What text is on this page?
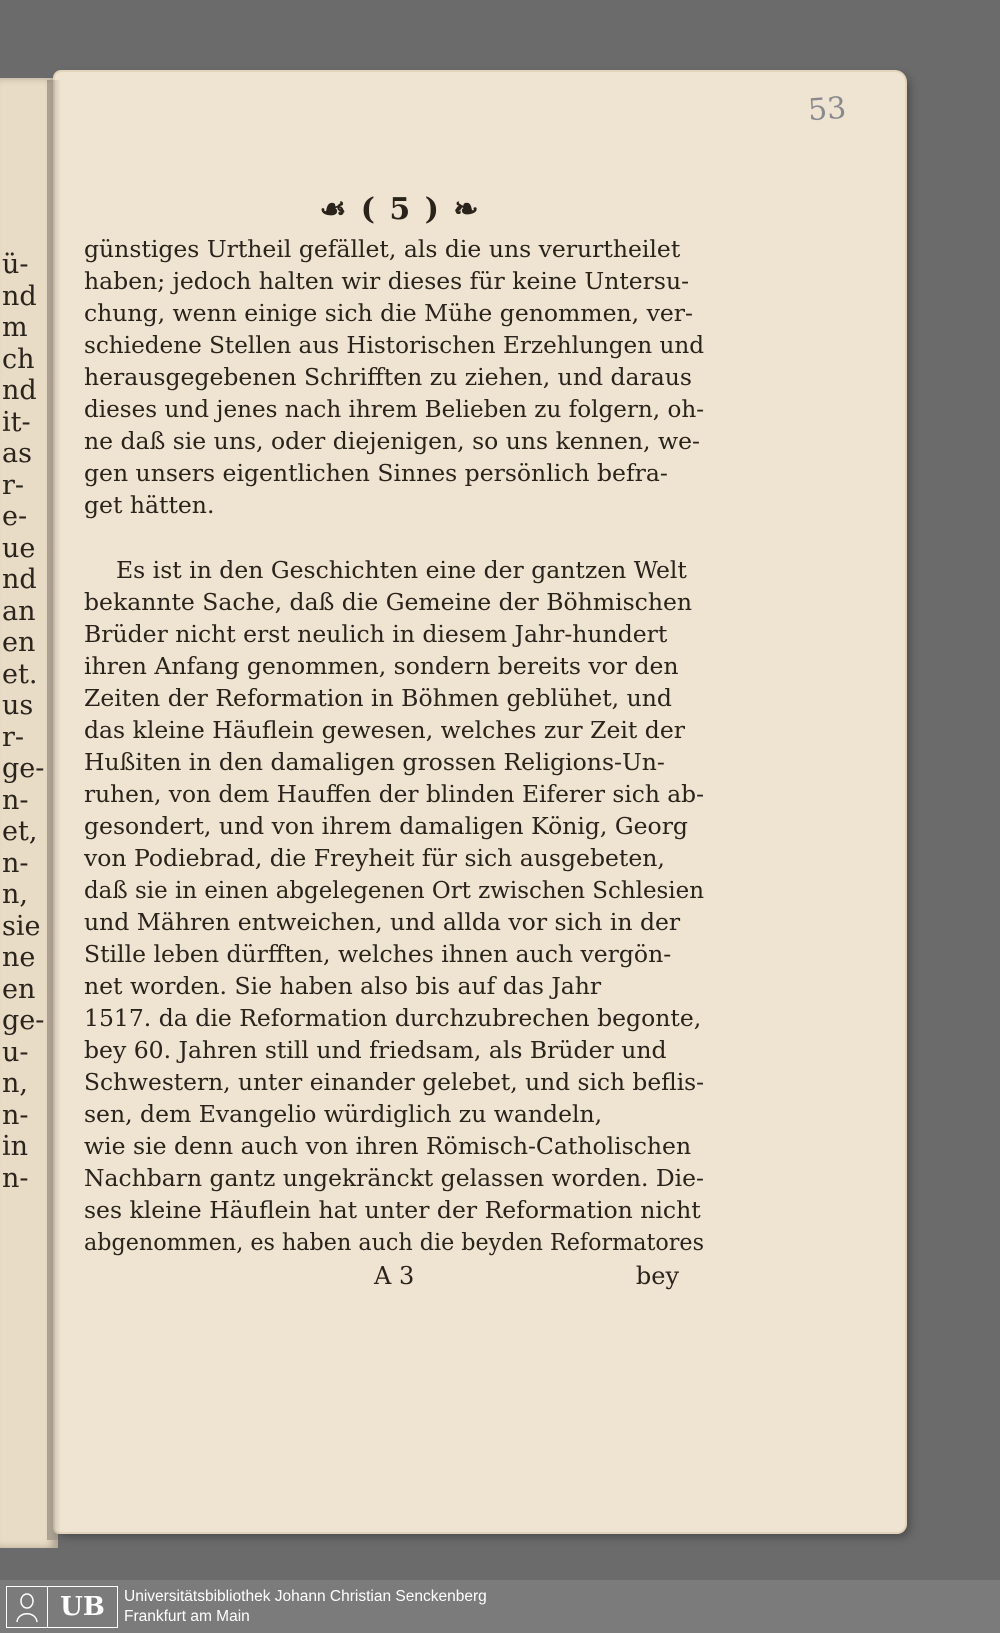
ü-
nd
m
ch
nd
it-
as
r-
e-
ue
nd
an
en
et.
us
r-
ge-
n-
et,
n-
n,
sie
ne
en
ge-
u-
n,
n-
in
n-

53
☙ ( 5 ) ❧
günstiges Urtheil gefället, als die uns verurtheilet
haben; jedoch halten wir dieses für keine Untersu-
chung, wenn einige sich die Mühe genommen, ver-
schiedene Stellen aus Historischen Erzehlungen und
herausgegebenen Schrifften zu ziehen, und daraus
dieses und jenes nach ihrem Belieben zu folgern, oh-
ne daß sie uns, oder diejenigen, so uns kennen, we-
gen unsers eigentlichen Sinnes persönlich befra-
get hätten.
Es ist in den Geschichten eine der gantzen Welt
bekannte Sache, daß die Gemeine der Böhmischen
Brüder nicht erst neulich in diesem Jahr-hundert
ihren Anfang genommen, sondern bereits vor den
Zeiten der Reformation in Böhmen geblühet, und
das kleine Häuflein gewesen, welches zur Zeit der
Hußiten in den damaligen grossen Religions-Un-
ruhen, von dem Hauffen der blinden Eiferer sich ab-
gesondert, und von ihrem damaligen König, Georg
von Podiebrad, die Freyheit für sich ausgebeten,
daß sie in einen abgelegenen Ort zwischen Schlesien
und Mähren entweichen, und allda vor sich in der
Stille leben dürfften, welches ihnen auch vergön-
net worden. Sie haben also bis auf das Jahr
1517. da die Reformation durchzubrechen begonte,
bey 60. Jahren still und friedsam, als Brüder und
Schwestern, unter einander gelebet, und sich beflis-
sen, dem Evangelio würdiglich zu wandeln,
wie sie denn auch von ihren Römisch-Catholischen
Nachbarn gantz ungekränckt gelassen worden. Die-
ses kleine Häuflein hat unter der Reformation nicht
abgenommen, es haben auch die beyden Reformatores
A 3	bey
UB	Universitätsbibliothek Johann Christian Senckenberg
Frankfurt am Main
